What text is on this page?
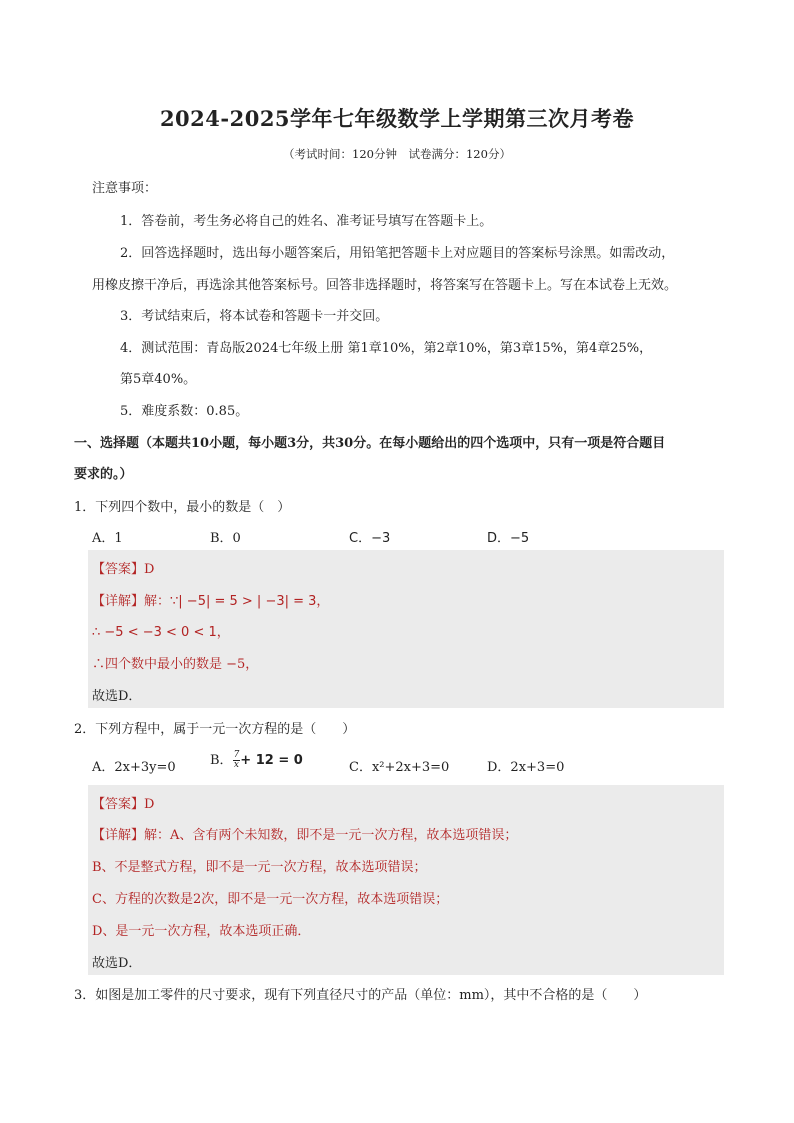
2024-2025学年七年级数学上学期第三次月考卷
（考试时间：120分钟　试卷满分：120分）
注意事项：
1．答卷前，考生务必将自己的姓名、准考证号填写在答题卡上。
2．回答选择题时，选出每小题答案后，用铅笔把答题卡上对应题目的答案标号涂黑。如需改动，
用橡皮擦干净后，再选涂其他答案标号。回答非选择题时，将答案写在答题卡上。写在本试卷上无效。
3．考试结束后，将本试卷和答题卡一并交回。
4．测试范围：青岛版2024七年级上册 第1章10%，第2章10%，第3章15%，第4章25%，
第5章40%。
5．难度系数：0.85。
一、选择题（本题共10小题，每小题3分，共30分。在每小题给出的四个选项中，只有一项是符合题目
要求的。）
1．下列四个数中，最小的数是（　）
A．1	B．0	C．−3	D．−5
【答案】D
【详解】解：∵| −5| = 5 > | −3| = 3，
∴ −5 < −3 < 0 < 1，
∴四个数中最小的数是 −5，
故选D．
2．下列方程中，属于一元一次方程的是（　　）
A．2x+3y=0	B． $\frac{7}{x} + 12 = 0$	C．x²+2x+3=0	D．2x+3=0
【答案】D
【详解】解：A、含有两个未知数，即不是一元一次方程，故本选项错误；
B、不是整式方程，即不是一元一次方程，故本选项错误；
C、方程的次数是2次，即不是一元一次方程，故本选项错误；
D、是一元一次方程，故本选项正确．
故选D．
3．如图是加工零件的尺寸要求，现有下列直径尺寸的产品（单位：mm），其中不合格的是（　　）
